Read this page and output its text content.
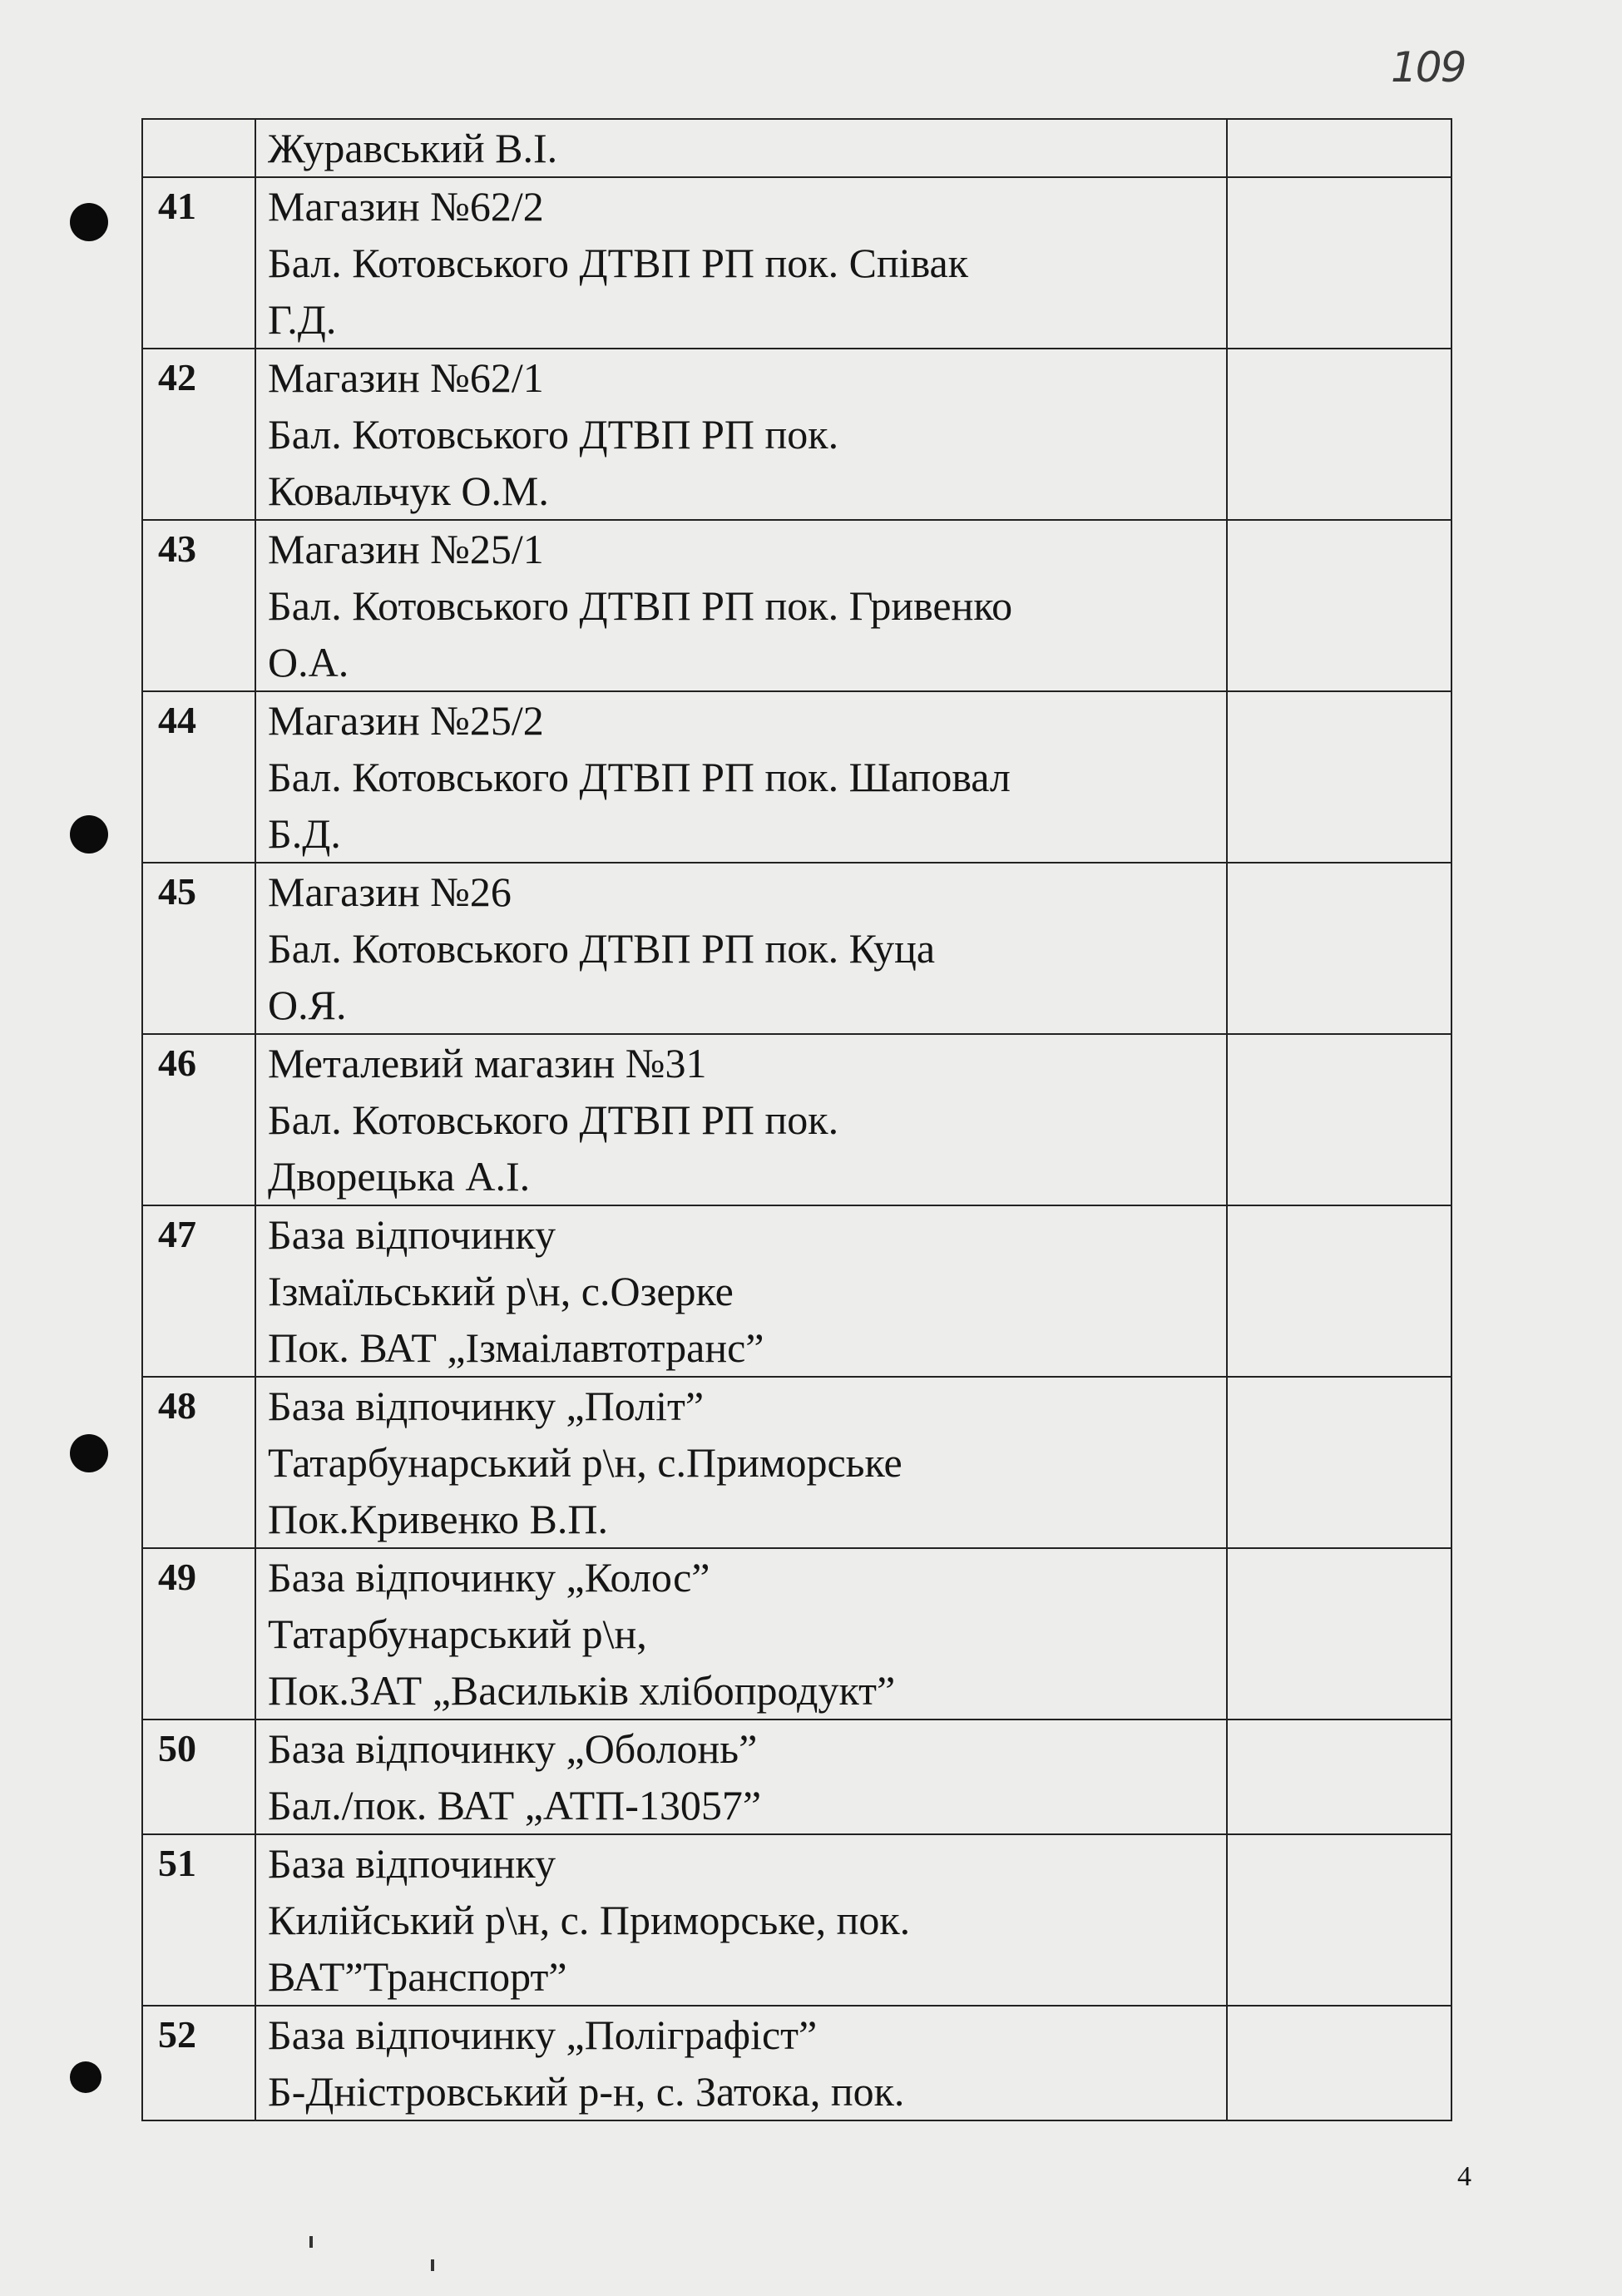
109

	Журавський В.І.	

41	Магазин №62/2
Бал. Котовського ДТВП РП пок. Співак
Г.Д.	

42	Магазин №62/1
Бал. Котовського ДТВП РП пок.
Ковальчук О.М.	

43	Магазин №25/1
Бал. Котовського ДТВП РП пок. Гривенко
О.А.	

44	Магазин №25/2
Бал. Котовського ДТВП РП пок. Шаповал
Б.Д.	

45	Магазин №26
Бал. Котовського ДТВП РП пок. Куца
О.Я.	

46	Металевий магазин №31
Бал. Котовського ДТВП РП пок.
Дворецька А.І.	

47	База відпочинку
Ізмаїльський р\н, с.Озерке
Пок. ВАТ „Ізмаілавтотранс”	

48	База відпочинку „Політ”
Татарбунарський р\н, с.Приморське
Пок.Кривенко В.П.	

49	База відпочинку „Колос”
Татарбунарський р\н,
Пок.ЗАТ „Васильків хлібопродукт”	

50	База відпочинку „Оболонь”
Бал./пок. ВАТ „АТП-13057”	

51	База відпочинку
Килійський р\н, с. Приморське, пок.
ВАТ”Транспорт”	

52	База відпочинку „Поліграфіст”
Б-Дністровський р-н, с. Затока, пок.	

4
